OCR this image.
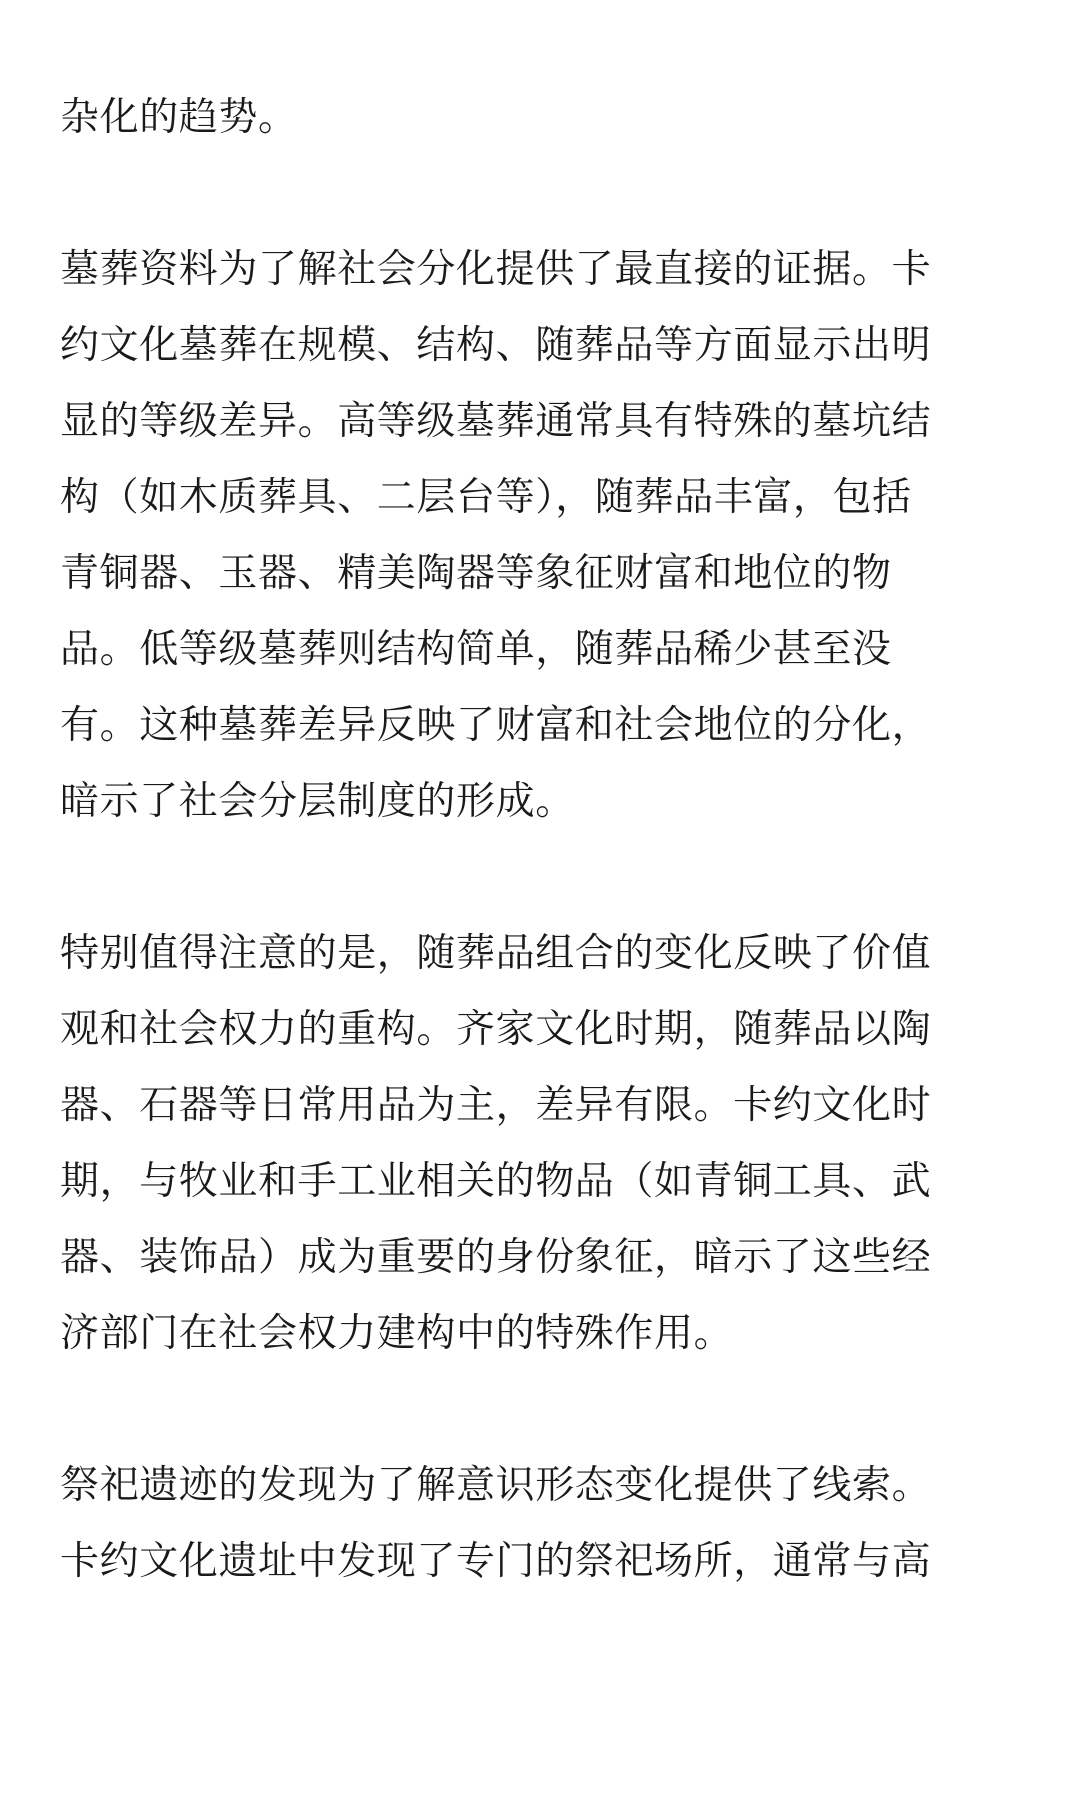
杂化的趋势。

墓葬资料为了解社会分化提供了最直接的证据。卡
约文化墓葬在规模、结构、随葬品等方面显示出明
显的等级差异。高等级墓葬通常具有特殊的墓坑结
构（如木质葬具、二层台等），随葬品丰富，包括
青铜器、玉器、精美陶器等象征财富和地位的物
品。低等级墓葬则结构简单，随葬品稀少甚至没
有。这种墓葬差异反映了财富和社会地位的分化，
暗示了社会分层制度的形成。

特别值得注意的是，随葬品组合的变化反映了价值
观和社会权力的重构。齐家文化时期，随葬品以陶
器、石器等日常用品为主，差异有限。卡约文化时
期，与牧业和手工业相关的物品（如青铜工具、武
器、装饰品）成为重要的身份象征，暗示了这些经
济部门在社会权力建构中的特殊作用。

祭祀遗迹的发现为了解意识形态变化提供了线索。
卡约文化遗址中发现了专门的祭祀场所，通常与高
